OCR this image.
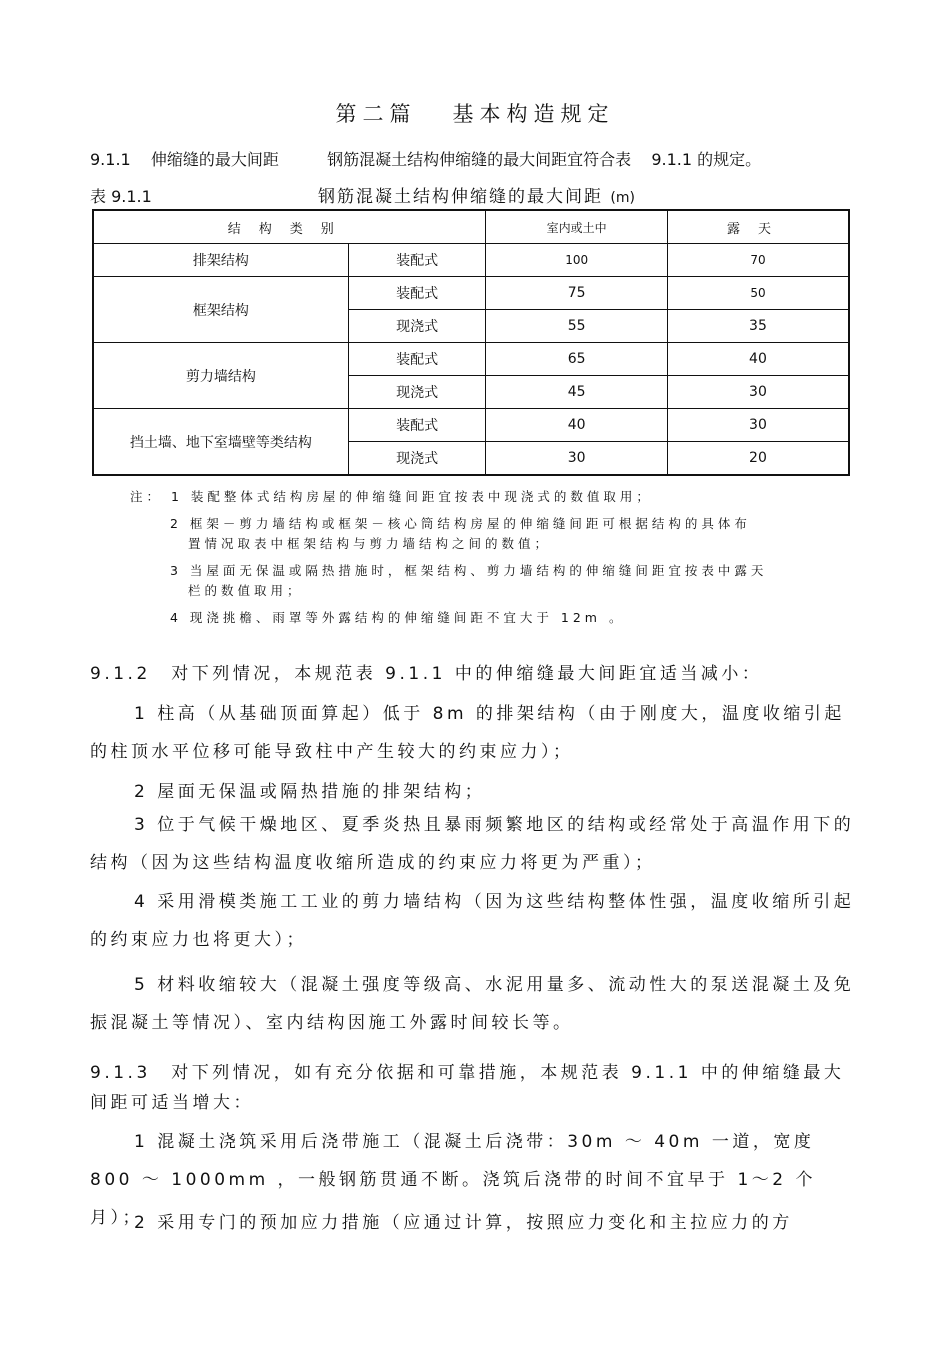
第二篇 基本构造规定
9.1.1 伸缩缝的最大间距	钢筋混凝土结构伸缩缝的最大间距宜符合表 9.1.1 的规定。
表 9.1.1	钢筋混凝土结构伸缩缝的最大间距 (m)
结构类别		室内或土中	露天
排架结构	装配式	100	70
框架结构	装配式	75	50
	现浇式	55	35
剪力墙结构	装配式	65	40
	现浇式	45	30
挡土墙、地下室墙壁等类结构	装配式	40	30
	现浇式	30	20
注： 1 装配整体式结构房屋的伸缩缝间距宜按表中现浇式的数值取用；
2 框架－剪力墙结构或框架－核心筒结构房屋的伸缩缝间距可根据结构的具体布
置情况取表中框架结构与剪力墙结构之间的数值；
3 当屋面无保温或隔热措施时，框架结构、剪力墙结构的伸缩缝间距宜按表中露天
栏的数值取用；
4 现浇挑檐、雨罩等外露结构的伸缩缝间距不宜大于 12m 。
9.1.2　对下列情况，本规范表 9.1.1 中的伸缩缝最大间距宜适当减小：
1 柱高（从基础顶面算起）低于 8m 的排架结构（由于刚度大，温度收缩引起的柱顶水平位移可能导致柱中产生较大的约束应力）；
2 屋面无保温或隔热措施的排架结构；
3 位于气候干燥地区、夏季炎热且暴雨频繁地区的结构或经常处于高温作用下的结构（因为这些结构温度收缩所造成的约束应力将更为严重）；
4 采用滑模类施工工业的剪力墙结构（因为这些结构整体性强，温度收缩所引起的约束应力也将更大）；
5 材料收缩较大（混凝土强度等级高、水泥用量多、流动性大的泵送混凝土及免振混凝土等情况）、室内结构因施工外露时间较长等。
9.1.3　对下列情况，如有充分依据和可靠措施，本规范表 9.1.1 中的伸缩缝最大间距可适当增大：
1 混凝土浇筑采用后浇带施工（混凝土后浇带：30m ～ 40m 一道，宽度 800 ～ 1000mm ，一般钢筋贯通不断。浇筑后浇带的时间不宜早于 1～2 个月）；
2 采用专门的预加应力措施（应通过计算，按照应力变化和主拉应力的方
